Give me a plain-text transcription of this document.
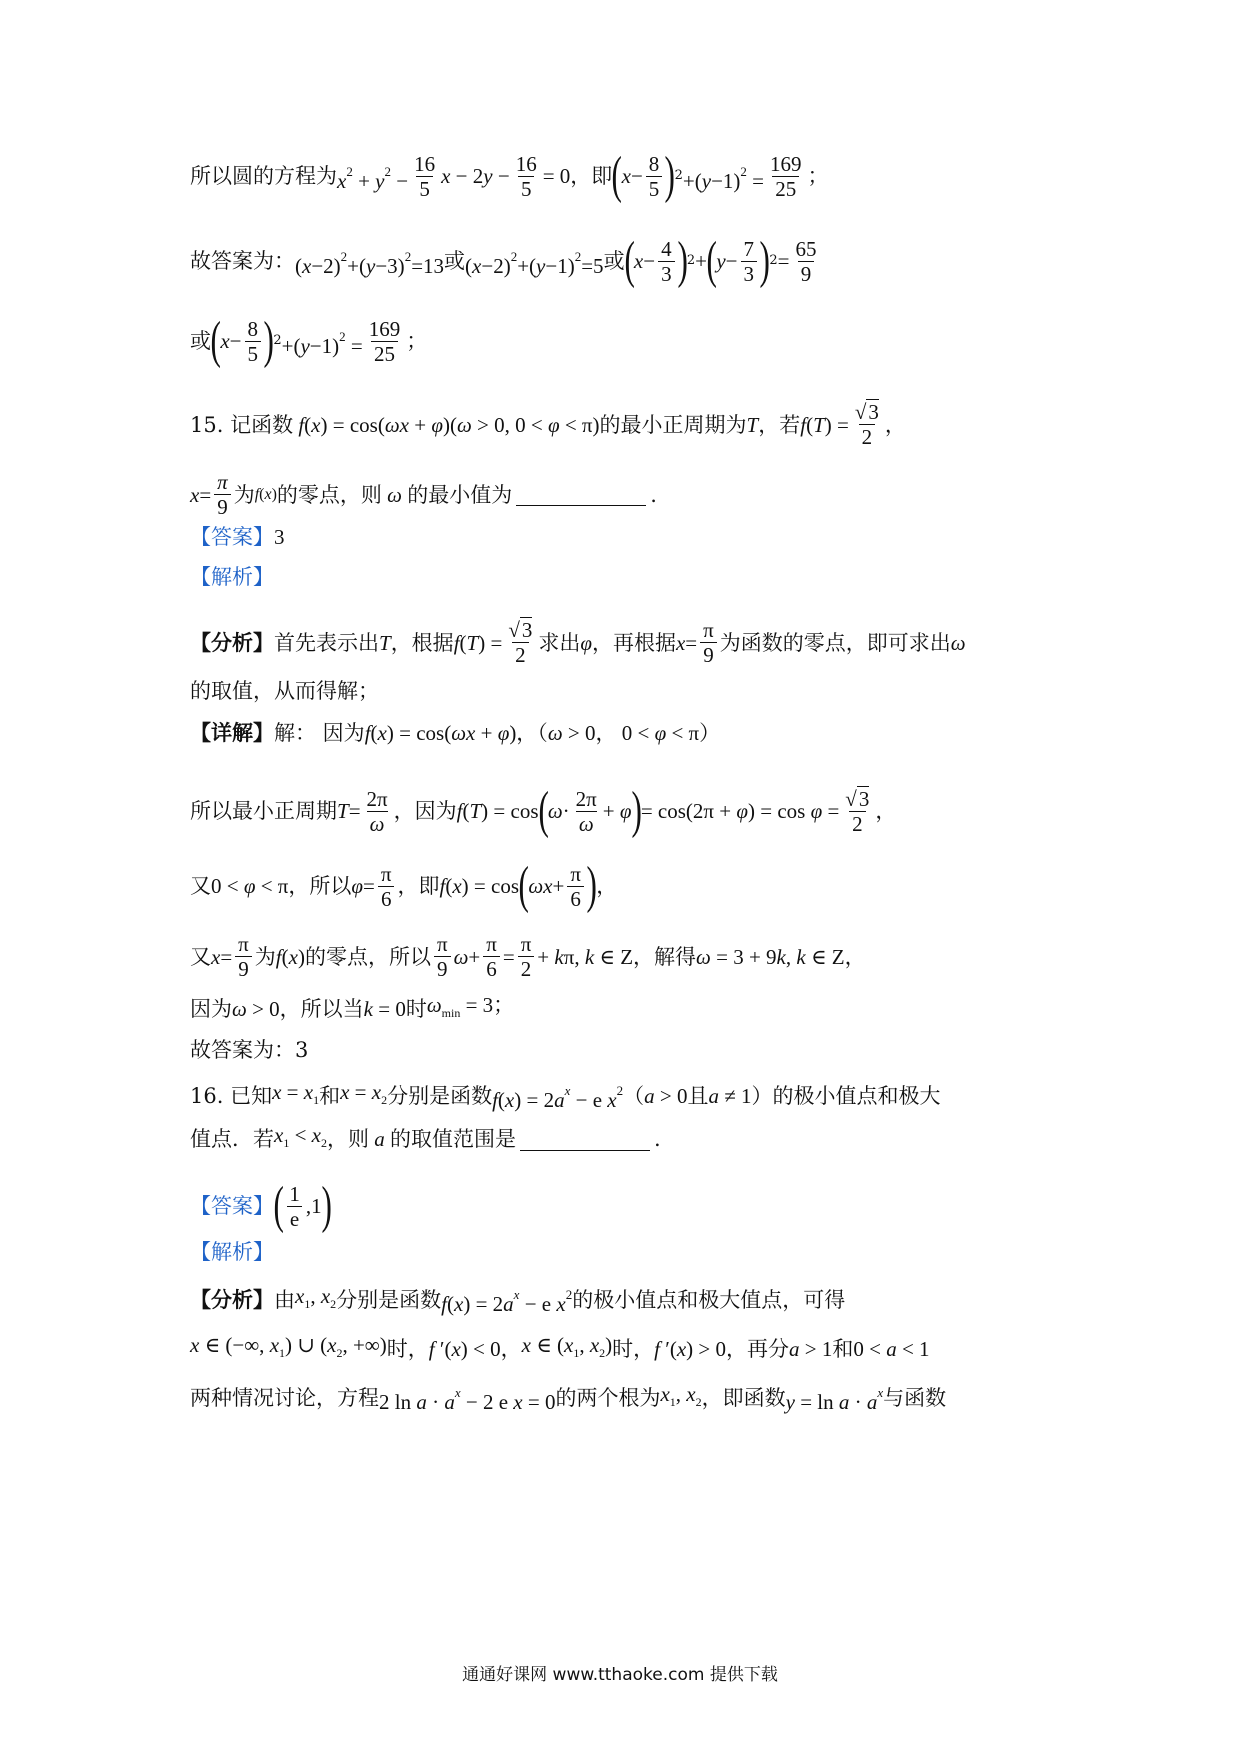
所以圆的方程为 $x^2 + y^2 - \frac{16}{5}$ $x - 2y - \frac{16}{5} = 0$ ，即 ( $x - \frac{8}{5}$ ) $2 +(y-1)^2 = \frac{169}{25}$ ；
故答案为： $(x-2)^2+(y-3)^2=13$ 或 $(x-2)^2+(y-1)^2=5$ 或 ( $x - \frac{4}{3}$ ) 2 + ( $y - \frac{7}{3}$ ) $2 = \frac{65}{9}$
或 ( $x - \frac{8}{5}$ ) $2 +(y-1)^2 = \frac{169}{25}$ ；
15. 记函数 f(x) = cos(ωx + φ)(ω > 0, 0 < φ < π) 的最小正周期为 T ，若 $f(T) = \frac{√3}{2}$ ，
$x = \frac{\pi}{9}$ 为 f(x) 的零点，则 ω 的最小值为	.
【答案】 3
【解析】
【分析】 首先表示出 T ，根据 $f(T) = \frac{√3}{2}$ 求出 φ ，再根据 $x = \frac{\pi}{9}$ 为函数的零点，即可求出 ω
的取值，从而得解；
【详解】 解： 因为 f(x) = cos(ωx + φ)，（ω > 0， 0 < φ < π）
所以最小正周期 $T = \frac{2\pi}{\omega}$ ，因为 f(T) = cos ( $\omega \cdot \frac{2\pi}{\omega} + \varphi$ ) = $\cos(2\pi + \varphi) = \cos \varphi = \frac{√3}{2}$ ，
又 0 < φ < π ，所以 $\varphi = \frac{\pi}{6}$ ，即 f(x) = cos ( $\omega x + \frac{\pi}{6}$ ) ，
又 $x = \frac{\pi}{9}$ 为 f(x) 的零点，所以 $\frac{\pi}{9}$ $\omega + \frac{\pi}{6} = \frac{\pi}{2} + k\pi$, k ∈ Z ，解得 ω = 3 + 9k, k ∈ Z，
因为 ω > 0 ，所以当 k = 0 时 $\omega_{min} = 3$；
故答案为：3
16. 已知 $x = x_1$ 和 $x = x_2$ 分别是函数 $f(x) = 2a^x - e$ $x^2$ （ a > 0 且 a ≠ 1 ）的极小值点和极大
值点．若 $x_1 < x_2$ ，则 a 的取值范围是	.
【答案】 ( $\frac{1}{e} ,1$ )
【解析】
【分析】 由 $x_1$, $x_2$ 分别是函数 $f(x) = 2a^x - e$ $x^2$ 的极小值点和极大值点，可得
x ∈ (−∞, $x_1$) ∪ ($x_2$, +∞) 时， f ′(x) < 0 ， x ∈ ($x_1$, $x_2$) 时， f ′(x) > 0 ，再分 a > 1 和 0 < a < 1
两种情况讨论，方程 2 $\ln a \cdot a^x - 2$ e x = 0 的两个根为 $x_1$, $x_2$ ，即函数 $y = \ln a \cdot a^x$ 与函数
通通好课网 www.tthaoke.com 提供下载
